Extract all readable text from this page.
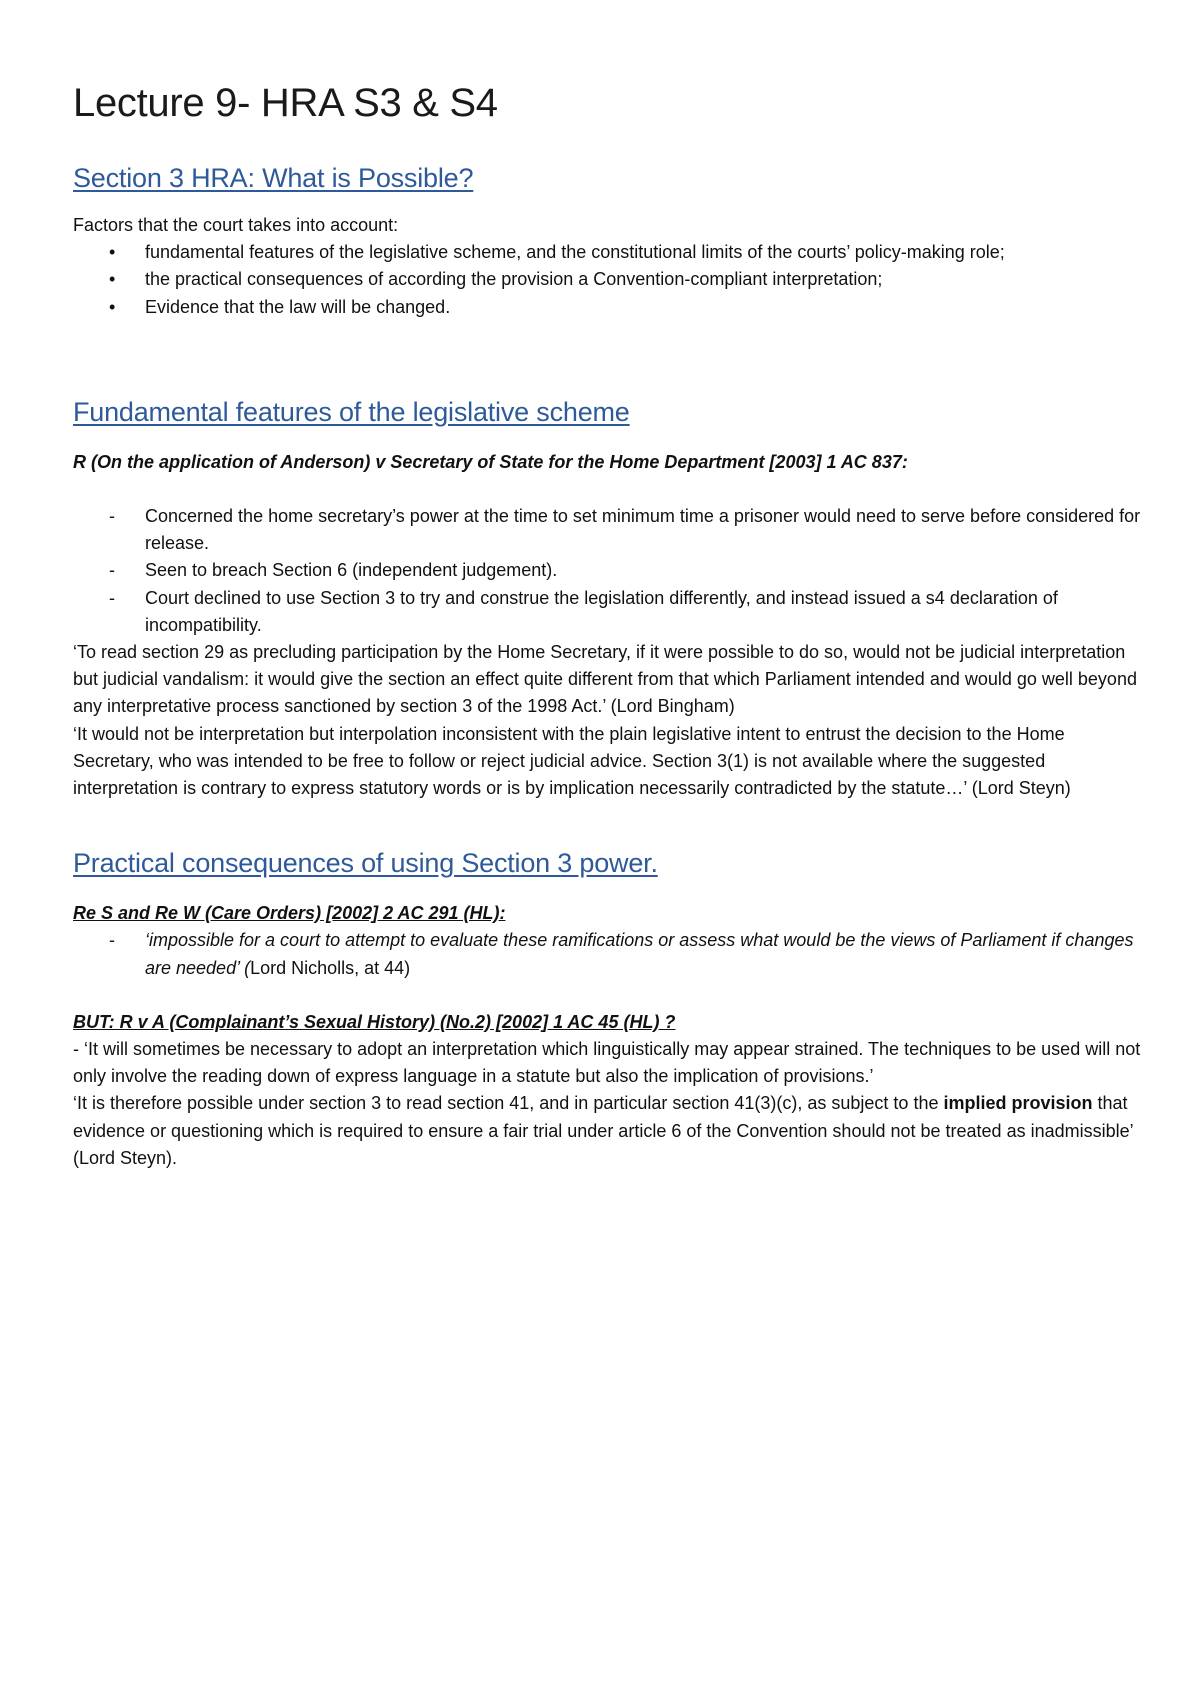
Lecture 9- HRA S3 & S4
Section 3 HRA: What is Possible?

Factors that the court takes into account:

• fundamental features of the legislative scheme, and the constitutional limits of the courts’ policy-making role;
• the practical consequences of according the provision a Convention-compliant interpretation;
• Evidence that the law will be changed.
Fundamental features of the legislative scheme

R (On the application of Anderson) v Secretary of State for the Home Department [2003] 1 AC 837:

- Concerned the home secretary’s power at the time to set minimum time a prisoner would need to serve before considered for release.
- Seen to breach Section 6 (independent judgement).
- Court declined to use Section 3 to try and construe the legislation differently, and instead issued a s4 declaration of incompatibility.

‘To read section 29 as precluding participation by the Home Secretary, if it were possible to do so, would not be judicial interpretation but judicial vandalism: it would give the section an effect quite different from that which Parliament intended and would go well beyond any interpretative process sanctioned by section 3 of the 1998 Act.’ (Lord Bingham)

‘It would not be interpretation but interpolation inconsistent with the plain legislative intent to entrust the decision to the Home Secretary, who was intended to be free to follow or reject judicial advice. Section 3(1) is not available where the suggested interpretation is contrary to express statutory words or is by implication necessarily contradicted by the statute…’ (Lord Steyn)

Practical consequences of using Section 3 power.

Re S and Re W (Care Orders) [2002] 2 AC 291 (HL):

- ‘impossible for a court to attempt to evaluate these ramifications or assess what would be the views of Parliament if changes are needed’ (Lord Nicholls, at 44)

BUT: R v A (Complainant’s Sexual History) (No.2) [2002] 1 AC 45 (HL) ?

- ‘It will sometimes be necessary to adopt an interpretation which linguistically may appear strained. The techniques to be used will not only involve the reading down of express language in a statute but also the implication of provisions.’

‘It is therefore possible under section 3 to read section 41, and in particular section 41(3)(c), as subject to the implied provision that evidence or questioning which is required to ensure a fair trial under article 6 of the Convention should not be treated as inadmissible’ (Lord Steyn).
